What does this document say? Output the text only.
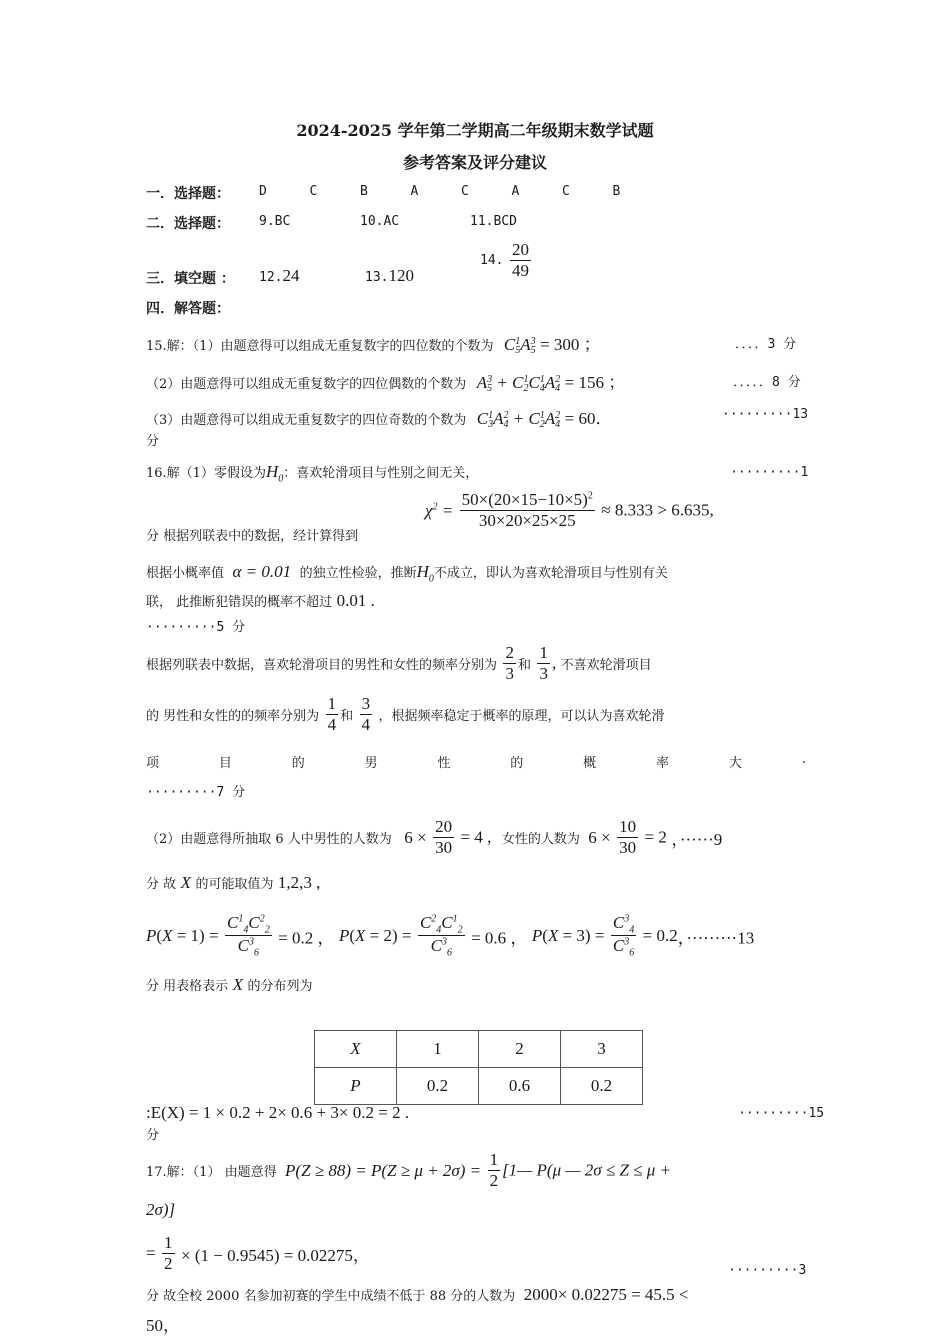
2024-2025 学年第二学期高二年级期末数学试题
参考答案及评分建议
一．选择题： D	C	B	A	C	A	C	B
二．选择题： 9.BC	10.AC	11.BCD
三．填空题 ： 12.24	13.120
14. $\frac{20}{49}$
四．解答题：
15.解：（1）由题意得可以组成无重复数字的四位数的个数为 C 1
5 A 3
5 = 300 ；	．．．．3 分
（2）由题意得可以组成无重复数字的四位偶数的个数为 A 3
5 + C 1
2 C 1
4 A 2
4 = 156 ；	．．．．．8 分
（3）由题意得可以组成无重复数字的四位奇数的个数为 C 1
3 A 2
4 + C 1
2 A 2
4 = 60．	·········13
分
16.解（1）零假设为$H_0$：喜欢轮滑项目与性别之间无关，	·········1
分 根据列联表中的数据，经计算得到
$\chi^2 = \frac{50\times(20\times 15-10\times 5)^2}{30\times 20\times 25\times 25} \approx 8.333 > 6.635$,
根据小概率值 α = 0.01 的独立性检验，推断$H_0$不成立，即认为喜欢轮滑项目与性别有关
联， 此推断犯错误的概率不超过 0.01 .
·········5 分
根据列联表中数据，喜欢轮滑项目的男性和女性的频率分别为 $\frac{2}{3}$ 和 $\frac{1}{3}$ , 不喜欢轮滑项目
的 男性和女性的的频率分别为 $\frac{1}{4}$ 和 $\frac{3}{4}$ ，根据频率稳定于概率的原理，可以认为喜欢轮滑
项	目	的	男	性	的	概	率	大	.
·········7 分
（2）由题意得所抽取 6 人中男性的人数为 $6 \times \frac{20}{30} = 4$ , 女性的人数为 $6 \times \frac{10}{30} = 2$ ，······9
分 故 X 的可能取值为 1,2,3 ,
$P(X = 1) = \frac{C^1_4C^2_2}{C^3_6} = 0.2$ ， $P(X = 2) = \frac{C^2_4C^1_2}{C^3_6} = 0.6$ ， $P(X = 3) = \frac{C^3_4}{C^3_6} = 0.2$，·········13
分 用表格表示 X 的分布列为
X	1	2	3
P	0.2	0.6	0.2
:E(X) = 1 × 0.2 + 2× 0.6 + 3× 0.2 = 2 .	·········15
分
17.解：（1） 由题意得 $P(Z \ge 88) = P(Z \ge \mu + 2\sigma) = \frac{1}{2}$ [1— P(μ — 2σ ≤ Z ≤ μ +
2σ)]
= $\frac{1}{2} \times (1 - 0.9545) = 0.02275$，
·········3
分 故全校 2000 名参加初赛的学生中成绩不低于 88 分的人数为 2000× 0.02275 = 45.5 <
50，
